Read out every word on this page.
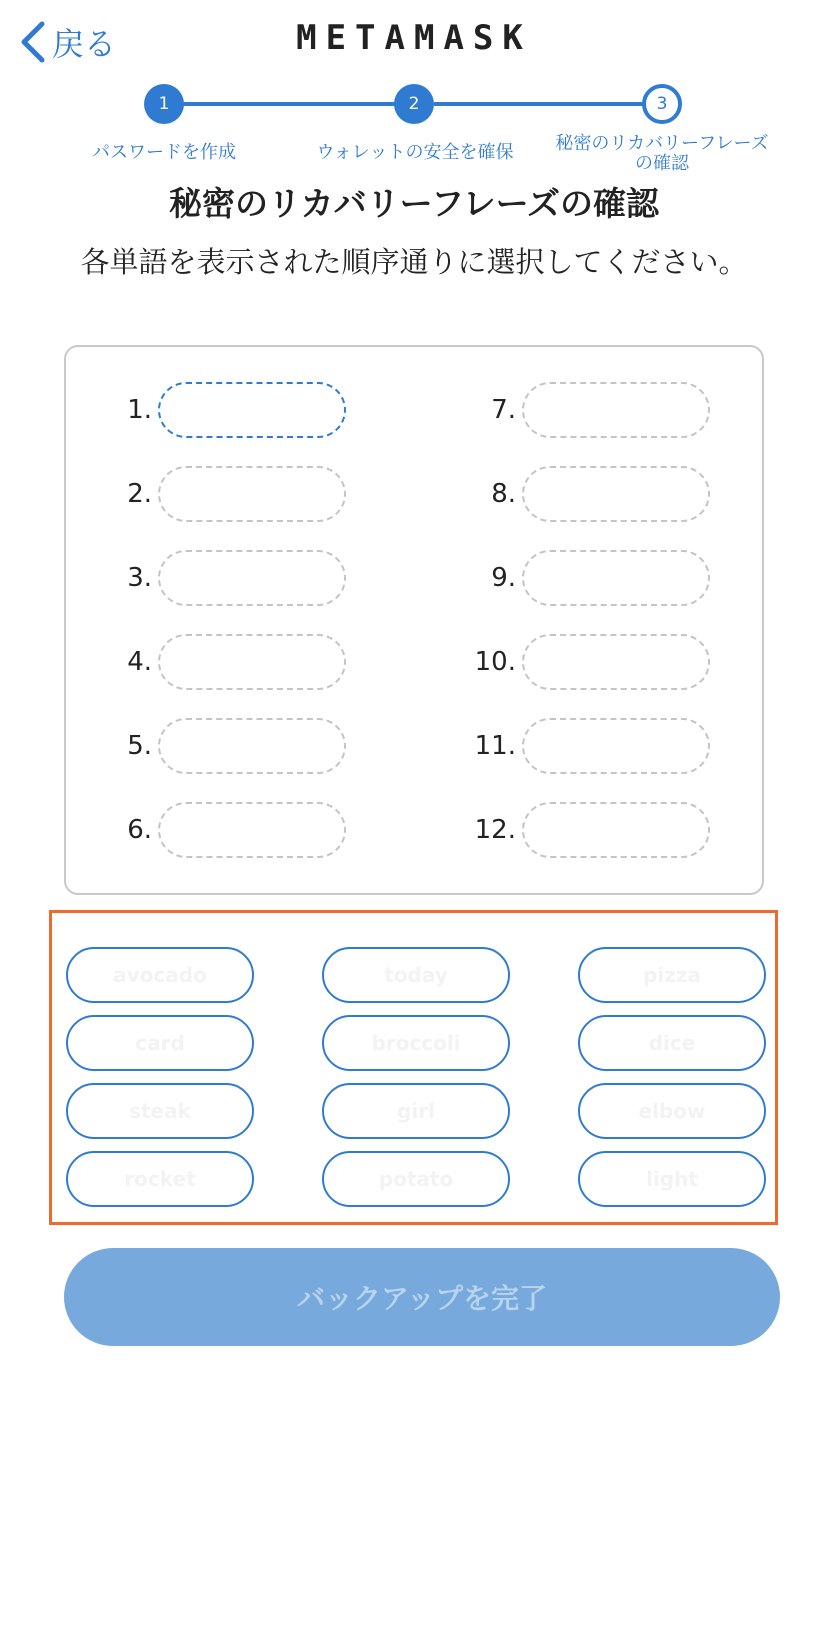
戻る	METAMASK
1	2	3
パスワードを作成	ウォレットの安全を確保	秘密のリカバリーフレーズ
の確認
秘密のリカバリーフレーズの確認
各単語を表示された順序通りに選択してください。
1.
2.
3.
4.
5.
6.
7.
8.
9.
10.
11.
12.
avocado	today	pizza
card	broccoli	dice
steak	girl	elbow
rocket	potato	light
バックアップを完了
